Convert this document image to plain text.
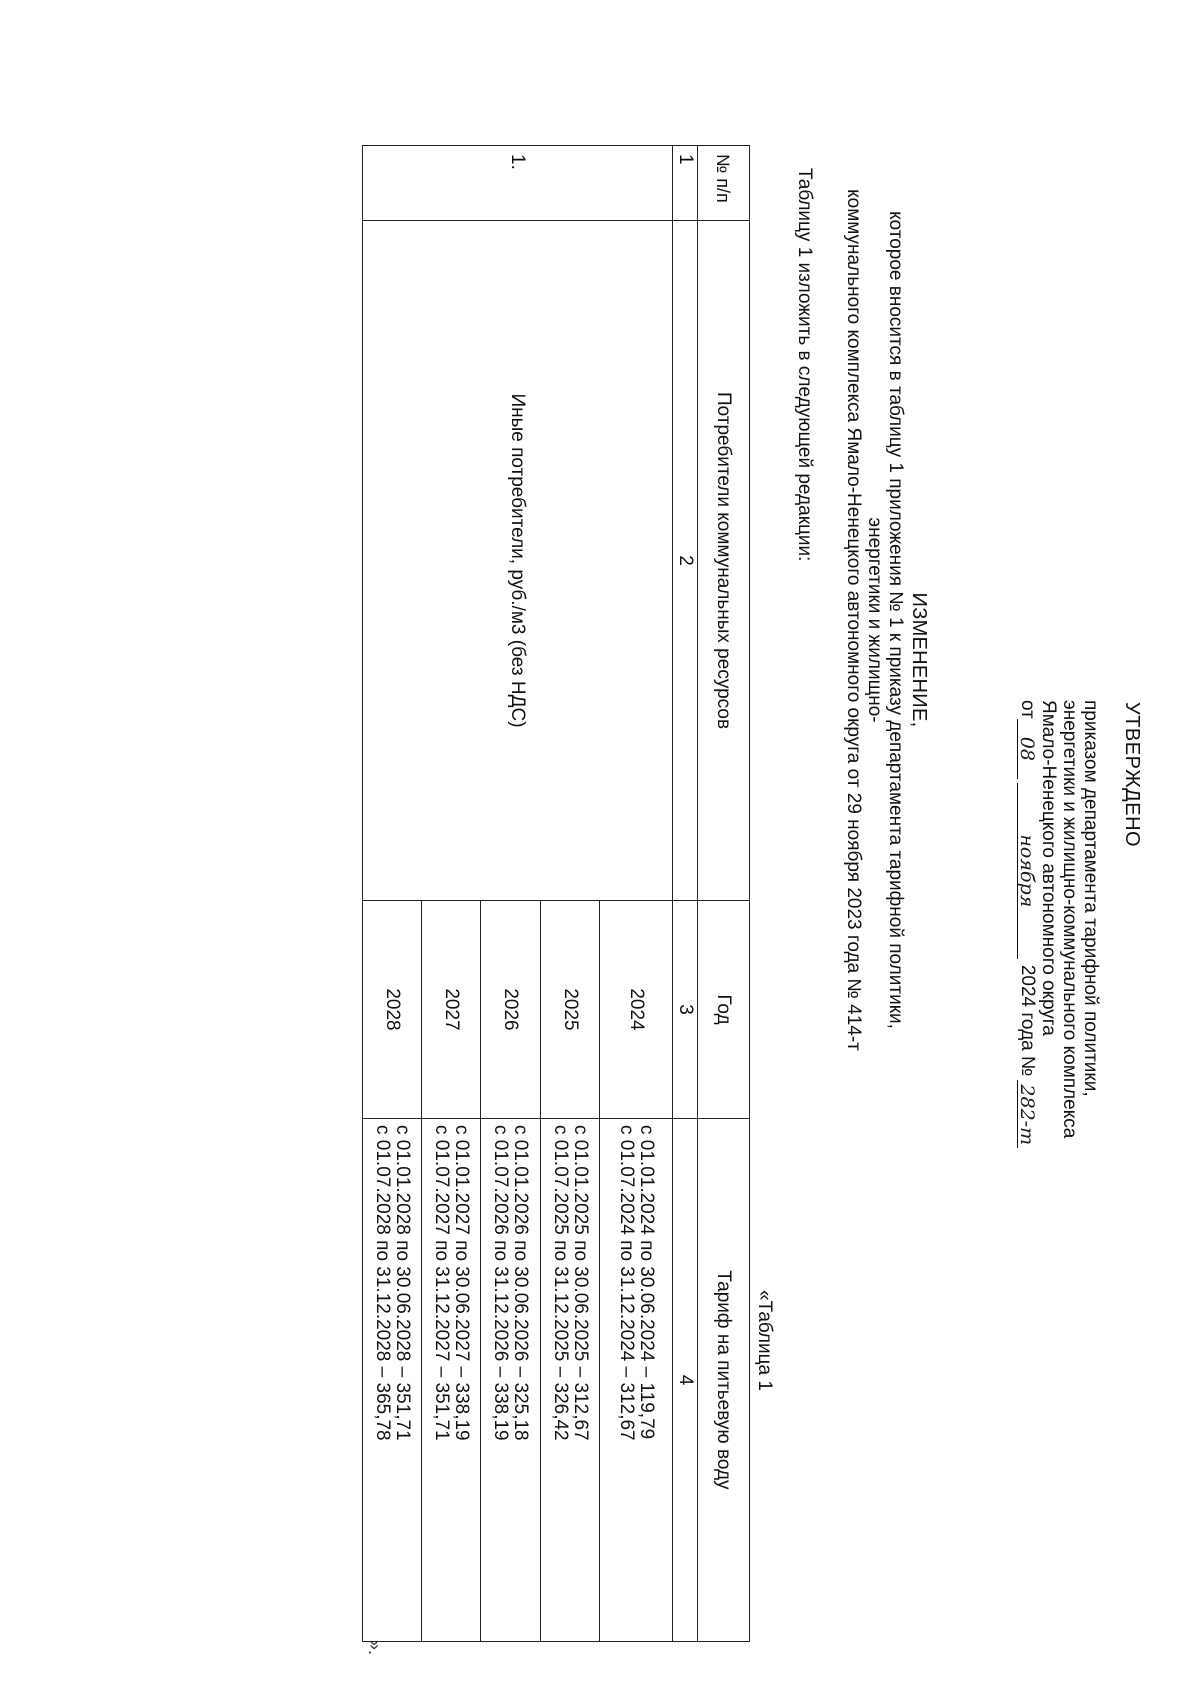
УТВЕРЖДЕНО
приказом департамента тарифной политики,
энергетики и жилищно-коммунального комплекса
Ямало-Ненецкого автономного округа
от
08
ноября
2024 года №
282-т
ИЗМЕНЕНИЕ,
которое вносится в таблицу 1 приложения № 1 к приказу департамента тарифной политики, энергетики и жилищно-
коммунального комплекса Ямало-Ненецкого автономного округа от 29 ноября 2023 года № 414-т
Таблицу 1 изложить в следующей редакции:
«Таблица 1
№ п/п	Потребители коммунальных ресурсов	Год	Тариф на питьевую воду
1	2	3	4
1.	Иные потребители, руб./м3 (без НДС)	2024	с 01.01.2024 по 30.06.2024 – 119,79
с 01.07.2024 по 31.12.2024 – 312,67

		2025	с 01.01.2025 по 30.06.2025 – 312,67
с 01.07.2025 по 31.12.2025 – 326,42

		2026	с 01.01.2026 по 30.06.2026 – 325,18
с 01.07.2026 по 31.12.2026 – 338,19

		2027	с 01.01.2027 по 30.06.2027 – 338,19
с 01.07.2027 по 31.12.2027 – 351,71

		2028	с 01.01.2028 по 30.06.2028 – 351,71
с 01.07.2028 по 31.12.2028 – 365,78
».
